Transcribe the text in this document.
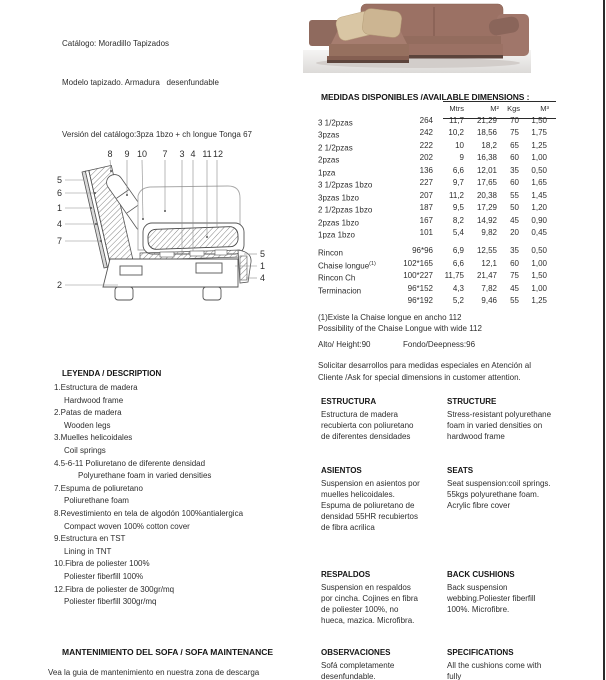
Catálogo: Moradillo Tapizados

Modelo tapizado. Armadura   desenfundable

Versión del catálogo:3pza 1bzo + ch longue Tonga 67

8 9 10 7 3 4 11 12
5
6
1
4
7
2
5
1
4
MEDIDAS DISPONIBLES /AVAILABLE DIMENSIONS :
Mtrs	M² Kgs	M³
3 1/2pzas	264	11,7	21,29	70	1,50
3pzas	242	10,2	18,56	75	1,75
2 1/2pzas	222	10	18,2	65	1,25
2pzas	202	9	16,38	60	1,00
1pza	136	6,6	12,01	35	0,50
3 1/2pzas 1bzo	227	9,7	17,65	60	1,65
3pzas 1bzo	207	11,2	20,38	55	1,45
2 1/2pzas 1bzo	187	9,5	17,29	50	1,20
2pzas 1bzo	167	8,2	14,92	45	0,90
1pza 1bzo	101	5,4	9,82	20	0,45
Rincon	96*96	6,9	12,55	35	0,50
Chaise longue$^{(1)}$	102*165	6,6	12,1	60	1,00
Rincon Ch	100*227	11,75	21,47	75	1,50
Terminacion	96*152	4,3	7,82	45	1,00
96*192	5,2	9,46	55	1,25
(1)Existe la Chaise longue en ancho 112
Possibility of the Chaise Longue with wide 112
Alto/ Height:90	Fondo/Deepness:96
Solicitar desarrollos para medidas especiales en Atención al
Cliente /Ask for special dimensions in customer attention.
LEYENDA / DESCRIPTION
1.Estructura de madera
Hardwood frame
2.Patas de madera
Wooden legs
3.Muelles helicoidales
Coil springs
4.5-6-11 Poliuretano de diferente densidad
Polyurethane foam in varied densities
7.Espuma de poliuretano
Poliurethane foam
8.Revestimiento en tela de algodón 100%antialergica
Compact woven 100% cotton cover
9.Estructura en TST
Lining in TNT
10.Fibra de poliester 100%
Poliester fiberfill 100%
12.Fibra de poliester de 300gr/mq
Poliester fiberfill 300gr/mq
ESTRUCTURA
Estructura de madera recubierta con poliuretano de diferentes densidades
STRUCTURE
Stress-resistant polyurethane foam in varied densities on hardwood frame
ASIENTOS
Suspension en asientos por muelles helicoidales. Espuma de poliuretano de densidad 55HR recubiertos de fibra acrilica
SEATS
Seat suspension:coil springs. 55kgs polyurethane foam. Acrylic fibre cover
RESPALDOS
Suspension en respaldos por cincha. Cojines en fibra de poliester 100%, no hueca, mazica. Microfibra.
BACK CUSHIONS
Back suspension webbing.Poliester fiberfill 100%. Microfibre.
OBSERVACIONES
Sofá completamente desenfundable.
SPECIFICATIONS
All the cushions come with fully
MANTENIMIENTO DEL SOFA / SOFA MAINTENANCE
Vea la guia de mantenimiento en nuestra zona de descarga
